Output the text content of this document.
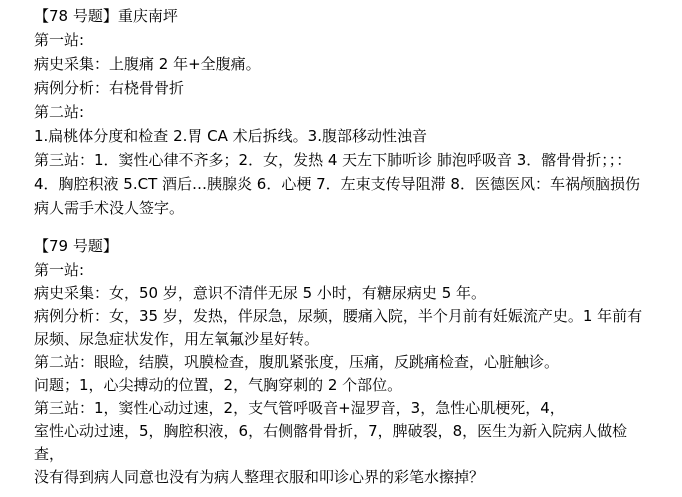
【78 号题】重庆南坪
第一站:
病史采集：上腹痛 2 年+全腹痛。
病例分析：右桡骨骨折
第二站:
1.扁桃体分度和检查 2.胃 CA 术后拆线。3.腹部移动性浊音
第三站：1．窦性心律不齐多；2．女，发热 4 天左下肺听诊 肺泡呼吸音 3．髂骨骨折；；：
4．胸腔积液 5.CT 酒后…胰腺炎 6．心梗 7．左束支传导阻滞 8．医德医风：车祸颅脑损伤
病人需手术没人签字。
【79 号题】
第一站:
病史采集：女，50 岁，意识不清伴无尿 5 小时，有糖尿病史 5 年。
病例分析：女，35 岁，发热，伴尿急，尿频，腰痛入院，半个月前有妊娠流产史。1 年前有
尿频、尿急症状发作，用左氧氟沙星好转。
第二站：眼睑，结膜，巩膜检查，腹肌紧张度，压痛，反跳痛检查，心脏触诊。
问题；1，心尖搏动的位置，2，气胸穿刺的 2 个部位。
第三站：1，窦性心动过速，2，支气管呼吸音+湿罗音，3，急性心肌梗死，4，
室性心动过速，5，胸腔积液，6，右侧髂骨骨折，7，脾破裂，8，医生为新入院病人做检
查，
没有得到病人同意也没有为病人整理衣服和叩诊心界的彩笔水擦掉？
